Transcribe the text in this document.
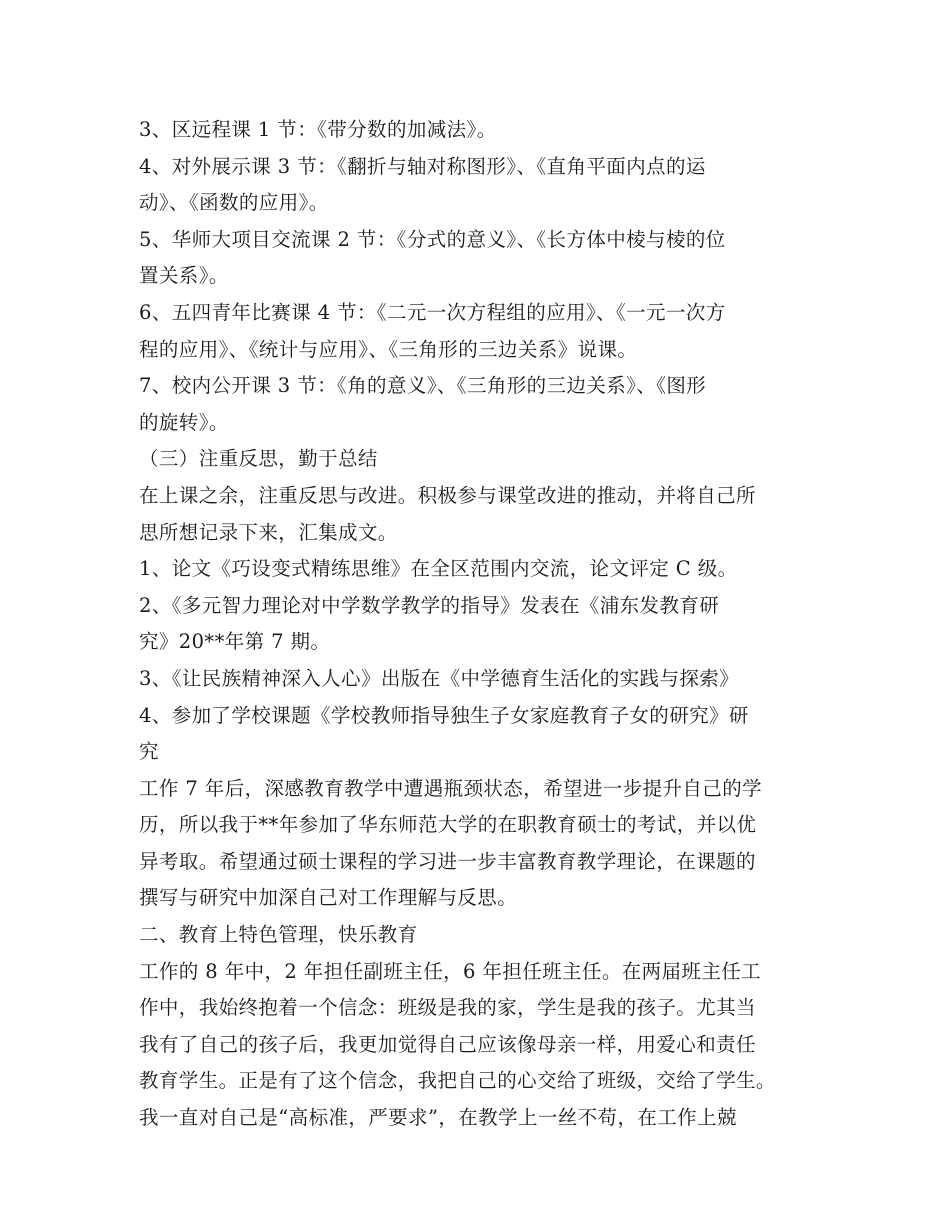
3、区远程课 1 节：《带分数的加减法》。
4、对外展示课 3 节：《翻折与轴对称图形》、《直角平面内点的运
动》、《函数的应用》。
5、华师大项目交流课 2 节：《分式的意义》、《长方体中棱与棱的位
置关系》。
6、五四青年比赛课 4 节：《二元一次方程组的应用》、《一元一次方
程的应用》、《统计与应用》、《三角形的三边关系》说课。
7、校内公开课 3 节：《角的意义》、《三角形的三边关系》、《图形
的旋转》。
（三）注重反思，勤于总结
在上课之余，注重反思与改进。积极参与课堂改进的推动，并将自己所
思所想记录下来，汇集成文。
1、论文《巧设变式精练思维》在全区范围内交流，论文评定 C 级。
2、《多元智力理论对中学数学教学的指导》发表在《浦东发教育研
究》20**年第 7 期。
3、《让民族精神深入人心》出版在《中学德育生活化的实践与探索》
4、参加了学校课题《学校教师指导独生子女家庭教育子女的研究》研
究
工作 7 年后，深感教育教学中遭遇瓶颈状态，希望进一步提升自己的学
历，所以我于**年参加了华东师范大学的在职教育硕士的考试，并以优
异考取。希望通过硕士课程的学习进一步丰富教育教学理论，在课题的
撰写与研究中加深自己对工作理解与反思。
二、教育上特色管理，快乐教育
工作的 8 年中，2 年担任副班主任，6 年担任班主任。在两届班主任工
作中，我始终抱着一个信念：班级是我的家，学生是我的孩子。尤其当
我有了自己的孩子后，我更加觉得自己应该像母亲一样，用爱心和责任
教育学生。正是有了这个信念，我把自己的心交给了班级，交给了学生。
我一直对自己是“高标准，严要求”，在教学上一丝不苟，在工作上兢
